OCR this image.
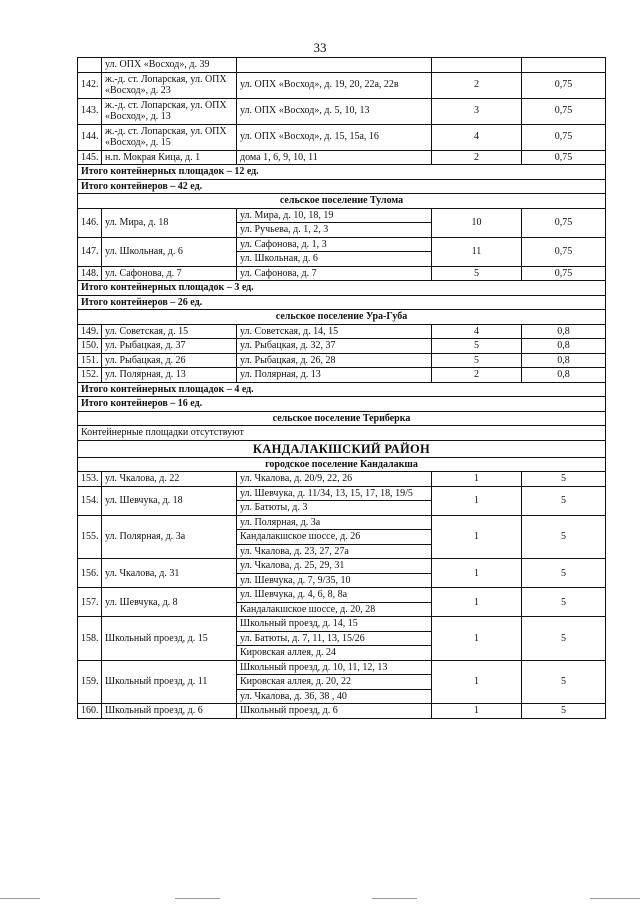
33
	ул. ОПХ «Восход», д. 39			
142.	ж.-д. ст. Лопарская, ул. ОПХ «Восход», д. 23	ул. ОПХ «Восход», д. 19, 20, 22а, 22в	2	0,75
143.	ж.-д. ст. Лопарская, ул. ОПХ «Восход», д. 13	ул. ОПХ «Восход», д. 5, 10, 13	3	0,75
144.	ж.-д. ст. Лопарская, ул. ОПХ «Восход», д. 15	ул. ОПХ «Восход», д. 15, 15а, 16	4	0,75
145.	н.п. Мокрая Кица, д. 1	дома 1, 6, 9, 10, 11	2	0,75
Итого контейнерных площадок – 12 ед.				
Итого контейнеров – 42 ед.				
сельское поселение Тулома				
146.	ул. Мира, д. 18	ул. Мира, д. 10, 18, 19	10	0,75
		ул. Ручьева, д. 1, 2, 3		
147.	ул. Школьная, д. 6	ул. Сафонова, д. 1, 3	11	0,75
		ул. Школьная, д. 6		
148.	ул. Сафонова, д. 7	ул. Сафонова, д. 7	5	0,75
Итого контейнерных площадок – 3 ед.				
Итого контейнеров – 26 ед.				
сельское поселение Ура-Губа				
149.	ул. Советская, д. 15	ул. Советская, д. 14, 15	4	0,8
150.	ул. Рыбацкая, д. 37	ул. Рыбацкая, д. 32, 37	5	0,8
151.	ул. Рыбацкая, д. 26	ул. Рыбацкая, д. 26, 28	5	0,8
152.	ул. Полярная, д. 13	ул. Полярная, д. 13	2	0,8
Итого контейнерных площадок – 4 ед.				
Итого контейнеров – 16 ед.				
сельское поселение Териберка				
Контейнерные площадки отсутствуют				
КАНДАЛАКШСКИЙ РАЙОН				
городское поселение Кандалакша				
153.	ул. Чкалова, д. 22	ул. Чкалова, д. 20/9, 22, 26	1	5
154.	ул. Шевчука, д. 18	ул. Шевчука, д. 11/34, 13, 15, 17, 18, 19/5	1	5
		ул. Батюты, д. 3		
155.	ул. Полярная, д. 3а	ул. Полярная, д. 3а	1	5
		Кандалакшское шоссе, д. 26		
		ул. Чкалова, д. 23, 27, 27а		
156.	ул. Чкалова, д. 31	ул. Чкалова, д. 25, 29, 31	1	5
		ул. Шевчука, д. 7, 9/35, 10		
157.	ул. Шевчука, д. 8	ул. Шевчука, д. 4, 6, 8, 8а	1	5
		Кандалакшское шоссе, д. 20, 28		
158.	Школьный проезд, д. 15	Школьный проезд, д. 14, 15	1	5
		ул. Батюты, д. 7, 11, 13, 15/26		
		Кировская аллея, д. 24		
159.	Школьный проезд, д. 11	Школьный проезд, д. 10, 11, 12, 13	1	5
		Кировская аллея, д. 20, 22		
		ул. Чкалова, д. 36, 38 , 40		
160.	Школьный проезд, д. 6	Школьный проезд, д. 6	1	5
